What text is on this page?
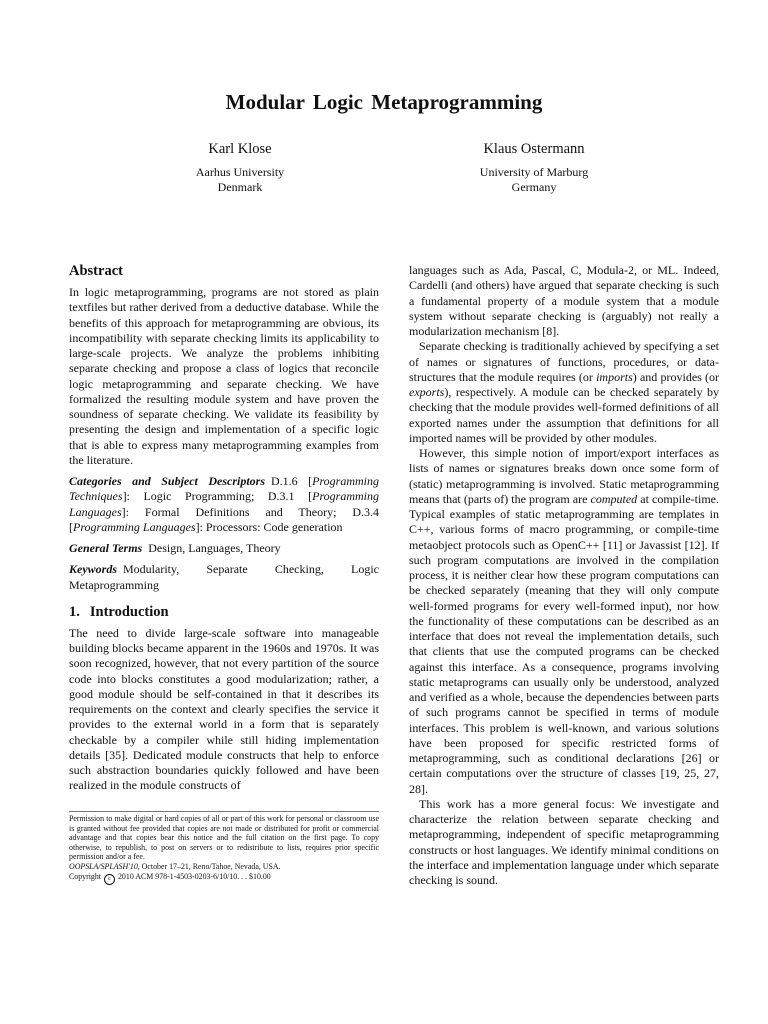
Modular Logic Metaprogramming
Karl Klose
Aarhus University
Denmark
Klaus Ostermann
University of Marburg
Germany
Abstract

In logic metaprogramming, programs are not stored as plain textfiles but rather derived from a deductive database. While the benefits of this approach for metaprogramming are obvious, its incompatibility with separate checking limits its applicability to large-scale projects. We analyze the problems inhibiting separate checking and propose a class of logics that reconcile logic metaprogramming and separate checking. We have formalized the resulting module system and have proven the soundness of separate checking. We validate its feasibility by presenting the design and implementation of a specific logic that is able to express many metaprogramming examples from the literature.

Categories and Subject Descriptors D.1.6 [Programming Techniques]: Logic Programming; D.3.1 [Programming Languages]: Formal Definitions and Theory; D.3.4 [Programming Languages]: Processors: Code generation

General Terms Design, Languages, Theory

Keywords Modularity, Separate Checking, Logic Metaprogramming

1. Introduction

The need to divide large-scale software into manageable building blocks became apparent in the 1960s and 1970s. It was soon recognized, however, that not every partition of the source code into blocks constitutes a good modularization; rather, a good module should be self-contained in that it describes its requirements on the context and clearly specifies the service it provides to the external world in a form that is separately checkable by a compiler while still hiding implementation details [35]. Dedicated module constructs that help to enforce such abstraction boundaries quickly followed and have been realized in the module constructs of

Permission to make digital or hard copies of all or part of this work for personal or classroom use is granted without fee provided that copies are not made or distributed for profit or commercial advantage and that copies bear this notice and the full citation on the first page. To copy otherwise, to republish, to post on servers or to redistribute to lists, requires prior specific permission and/or a fee.

OOPSLA/SPLASH'10, October 17–21, Reno/Tahoe, Nevada, USA.

Copyright c 2010 ACM 978-1-4503-0203-6/10/10. . . $10.00

languages such as Ada, Pascal, C, Modula-2, or ML. Indeed, Cardelli (and others) have argued that separate checking is such a fundamental property of a module system that a module system without separate checking is (arguably) not really a modularization mechanism [8].

Separate checking is traditionally achieved by specifying a set of names or signatures of functions, procedures, or data-structures that the module requires (or imports) and provides (or exports), respectively. A module can be checked separately by checking that the module provides well-formed definitions of all exported names under the assumption that definitions for all imported names will be provided by other modules.

However, this simple notion of import/export interfaces as lists of names or signatures breaks down once some form of (static) metaprogramming is involved. Static metaprogramming means that (parts of) the program are computed at compile-time. Typical examples of static metaprogramming are templates in C++, various forms of macro programming, or compile-time metaobject protocols such as OpenC++ [11] or Javassist [12]. If such program computations are involved in the compilation process, it is neither clear how these program computations can be checked separately (meaning that they will only compute well-formed programs for every well-formed input), nor how the functionality of these computations can be described as an interface that does not reveal the implementation details, such that clients that use the computed programs can be checked against this interface. As a consequence, programs involving static metaprograms can usually only be understood, analyzed and verified as a whole, because the dependencies between parts of such programs cannot be specified in terms of module interfaces. This problem is well-known, and various solutions have been proposed for specific restricted forms of metaprogramming, such as conditional declarations [26] or certain computations over the structure of classes [19, 25, 27, 28].

This work has a more general focus: We investigate and characterize the relation between separate checking and metaprogramming, independent of specific metaprogramming constructs or host languages. We identify minimal conditions on the interface and implementation language under which separate checking is sound.
